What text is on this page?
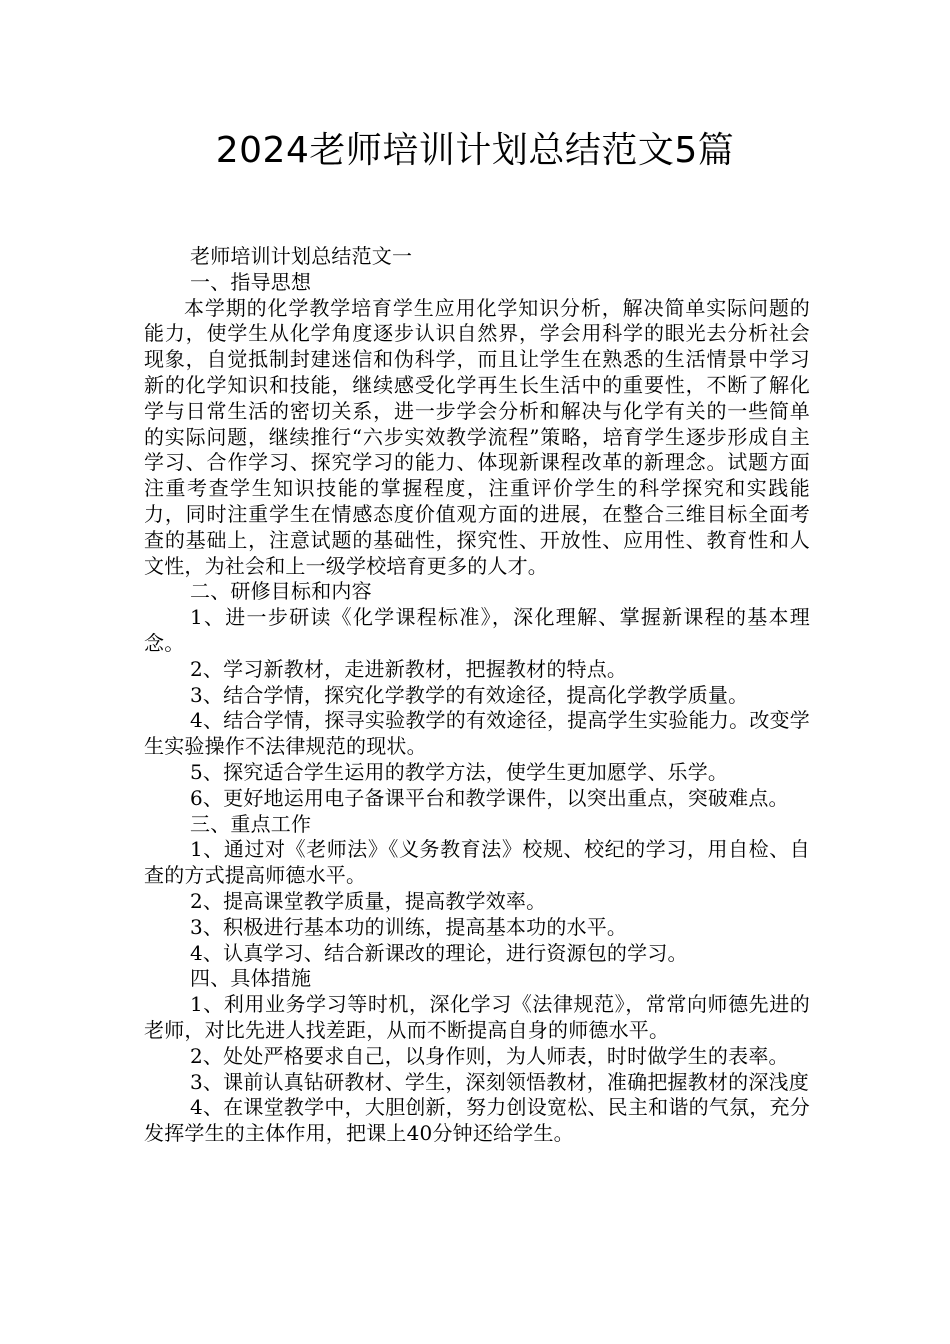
2024老师培训计划总结范文5篇

老师培训计划总结范文一

一、指导思想

本学期的化学教学培育学生应用化学知识分析，解决简单实际问题的能力，使学生从化学角度逐步认识自然界，学会用科学的眼光去分析社会现象，自觉抵制封建迷信和伪科学，而且让学生在熟悉的生活情景中学习新的化学知识和技能，继续感受化学再生长生活中的重要性，不断了解化学与日常生活的密切关系，进一步学会分析和解决与化学有关的一些简单的实际问题，继续推行“六步实效教学流程”策略，培育学生逐步形成自主学习、合作学习、探究学习的能力、体现新课程改革的新理念。试题方面注重考查学生知识技能的掌握程度，注重评价学生的科学探究和实践能力，同时注重学生在情感态度价值观方面的进展，在整合三维目标全面考查的基础上，注意试题的基础性，探究性、开放性、应用性、教育性和人文性，为社会和上一级学校培育更多的人才。

二、研修目标和内容

1、进一步研读《化学课程标准》，深化理解、掌握新课程的基本理念。

2、学习新教材，走进新教材，把握教材的特点。

3、结合学情，探究化学教学的有效途径，提高化学教学质量。

4、结合学情，探寻实验教学的有效途径，提高学生实验能力。改变学生实验操作不法律规范的现状。

5、探究适合学生运用的教学方法，使学生更加愿学、乐学。

6、更好地运用电子备课平台和教学课件，以突出重点，突破难点。

三、重点工作

1、通过对《老师法》《义务教育法》校规、校纪的学习，用自检、自查的方式提高师德水平。

2、提高课堂教学质量，提高教学效率。

3、积极进行基本功的训练，提高基本功的水平。

4、认真学习、结合新课改的理论，进行资源包的学习。

四、具体措施

1、利用业务学习等时机，深化学习《法律规范》，常常向师德先进的老师，对比先进人找差距，从而不断提高自身的师德水平。

2、处处严格要求自己，以身作则，为人师表，时时做学生的表率。

3、课前认真钻研教材、学生，深刻领悟教材，准确把握教材的深浅度

4、在课堂教学中，大胆创新，努力创设宽松、民主和谐的气氛，充分发挥学生的主体作用，把课上40分钟还给学生。
